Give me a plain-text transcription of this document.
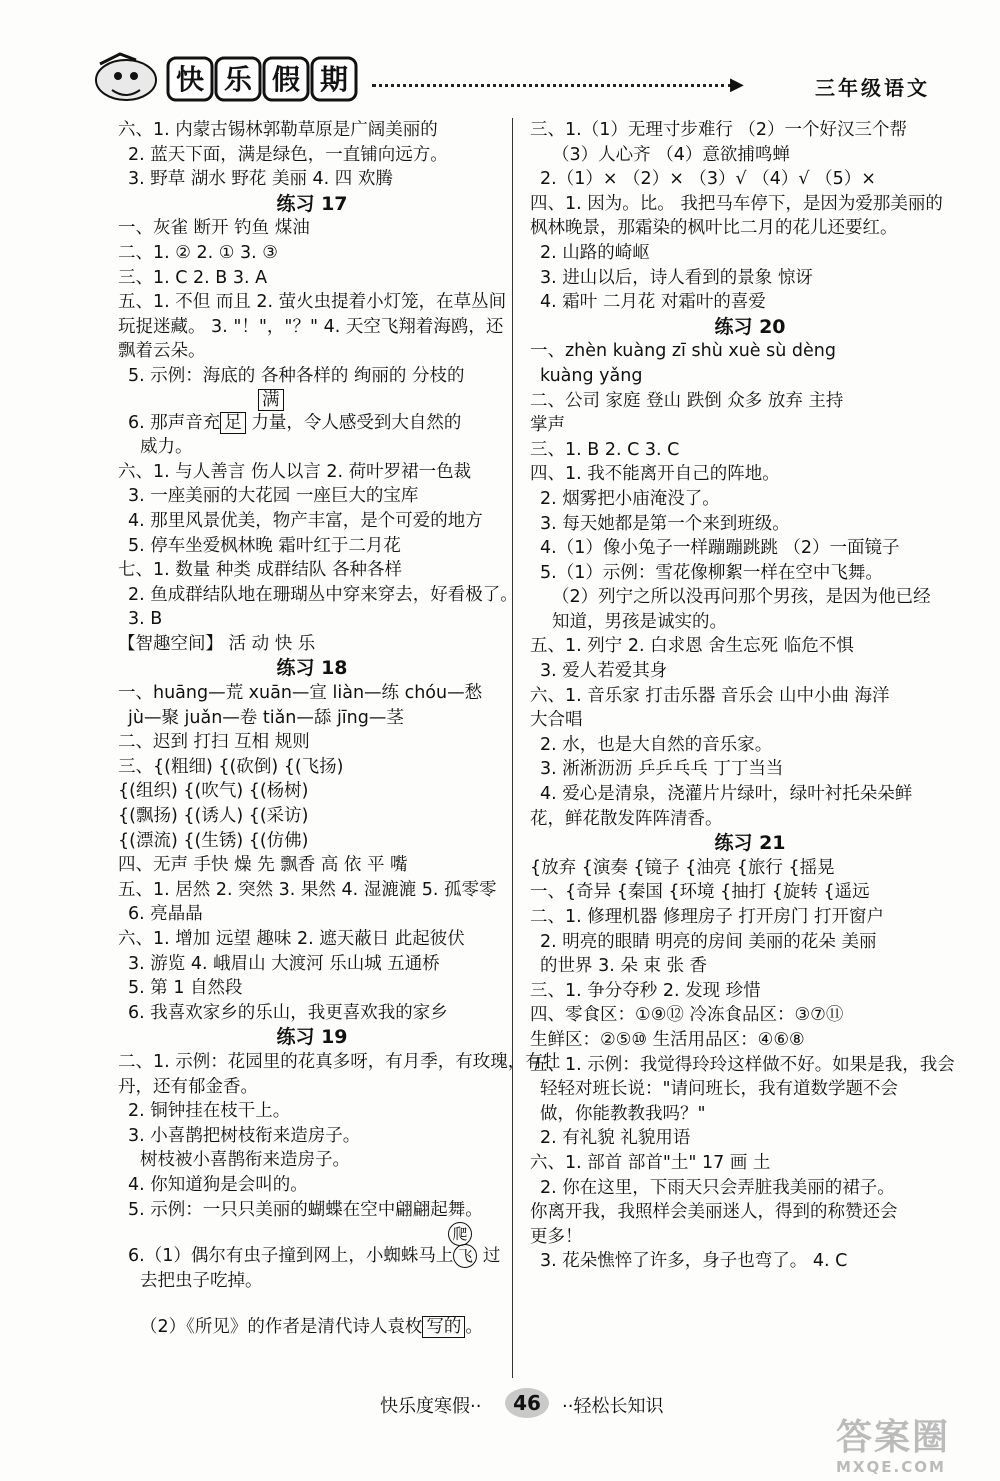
快 乐 假 期	▶	三年级语文
六、1. 内蒙古锡林郭勒草原是广阔美丽的
2. 蓝天下面，满是绿色，一直铺向远方。
3. 野草 湖水 野花 美丽 4. 四 欢腾
练习 17
一、灰雀 断开 钓鱼 煤油
二、1. ② 2. ① 3. ③
三、1. C 2. B 3. A
五、1. 不但 而且 2. 萤火虫提着小灯笼，在草丛间
玩捉迷藏。 3. "！"，"？" 4. 天空飞翔着海鸥，还
飘着云朵。
5. 示例：海底的 各种各样的 绚丽的 分枝的
满
6. 那声音充 足 力量，令人感受到大自然的
威力。
六、1. 与人善言 伤人以言 2. 荷叶罗裙一色裁
3. 一座美丽的大花园 一座巨大的宝库
4. 那里风景优美，物产丰富，是个可爱的地方
5. 停车坐爱枫林晚 霜叶红于二月花
七、1. 数量 种类 成群结队 各种各样
2. 鱼成群结队地在珊瑚丛中穿来穿去，好看极了。
3. B
【智趣空间】 活 动 快 乐
练习 18
一、huāng—荒 xuān—宣 liàn—练 chóu—愁
jù—聚 juǎn—卷 tiǎn—舔 jīng—茎
二、迟到 打扫 互相 规则
三、{(粗细) {(砍倒) {(飞扬)
{(组织) {(吹气) {(杨树)
{(飘扬) {(诱人) {(采访)
{(漂流) {(生锈) {(仿佛)
四、无声 手快 燥 先 飘香 高 依 平 嘴
五、1. 居然 2. 突然 3. 果然 4. 湿漉漉 5. 孤零零
6. 亮晶晶
六、1. 增加 远望 趣味 2. 遮天蔽日 此起彼伏
3. 游览 4. 峨眉山 大渡河 乐山城 五通桥
5. 第 1 自然段
6. 我喜欢家乡的乐山，我更喜欢我的家乡
练习 19
二、1. 示例：花园里的花真多呀，有月季，有玫瑰，有牡
丹，还有郁金香。
2. 铜钟挂在枝干上。
3. 小喜鹊把树枝衔来造房子。
树枝被小喜鹊衔来造房子。
4. 你知道狗是会叫的。
5. 示例：一只只美丽的蝴蝶在空中翩翩起舞。
爬
6.（1）偶尔有虫子撞到网上，小蜘蛛马上 飞 过
去把虫子吃掉。
（2）《所见》的作者是清代诗人袁枚 写的 。
三、1.（1）无理寸步难行 （2）一个好汉三个帮
（3）人心齐 （4）意欲捕鸣蝉
2.（1）× （2）× （3）√ （4）√ （5）×
四、1. 因为。比。 我把马车停下，是因为爱那美丽的
枫林晚景，那霜染的枫叶比二月的花儿还要红。
2. 山路的崎岖
3. 进山以后，诗人看到的景象 惊讶
4. 霜叶 二月花 对霜叶的喜爱
练习 20
一、zhèn kuàng zī shù xuè sù dèng
kuàng yǎng
二、公司 家庭 登山 跌倒 众多 放弃 主持
掌声
三、1. B 2. C 3. C
四、1. 我不能离开自己的阵地。
2. 烟雾把小庙淹没了。
3. 每天她都是第一个来到班级。
4.（1）像小兔子一样蹦蹦跳跳 （2）一面镜子
5.（1）示例：雪花像柳絮一样在空中飞舞。
（2）列宁之所以没再问那个男孩，是因为他已经
知道，男孩是诚实的。
五、1. 列宁 2. 白求恩 舍生忘死 临危不惧
3. 爱人若爱其身
六、1. 音乐家 打击乐器 音乐会 山中小曲 海洋
大合唱
2. 水，也是大自然的音乐家。
3. 淅淅沥沥 乒乒乓乓 丁丁当当
4. 爱心是清泉，浇灌片片绿叶，绿叶衬托朵朵鲜
花，鲜花散发阵阵清香。
练习 21
{放弃 {演奏 {镜子 {油亮 {旅行 {摇晃
一、{奇异 {秦国 {环境 {抽打 {旋转 {遥远
二、1. 修理机器 修理房子 打开房门 打开窗户
2. 明亮的眼睛 明亮的房间 美丽的花朵 美丽
的世界 3. 朵 束 张 香
三、1. 争分夺秒 2. 发现 珍惜
四、零食区：①⑨⑫ 冷冻食品区：③⑦⑪
生鲜区：②⑤⑩ 生活用品区：④⑥⑧
五、1. 示例：我觉得玲玲这样做不好。如果是我，我会
轻轻对班长说："请问班长，我有道数学题不会
做，你能教教我吗？"
2. 有礼貌 礼貌用语
六、1. 部首 部首"土" 17 画 土
2. 你在这里，下雨天只会弄脏我美丽的裙子。
你离开我，我照样会美丽迷人，得到的称赞还会
更多！
3. 花朵憔悴了许多，身子也弯了。 4. C
快乐度寒假··	46	··轻松长知识
答案圈
MXQE.COM
